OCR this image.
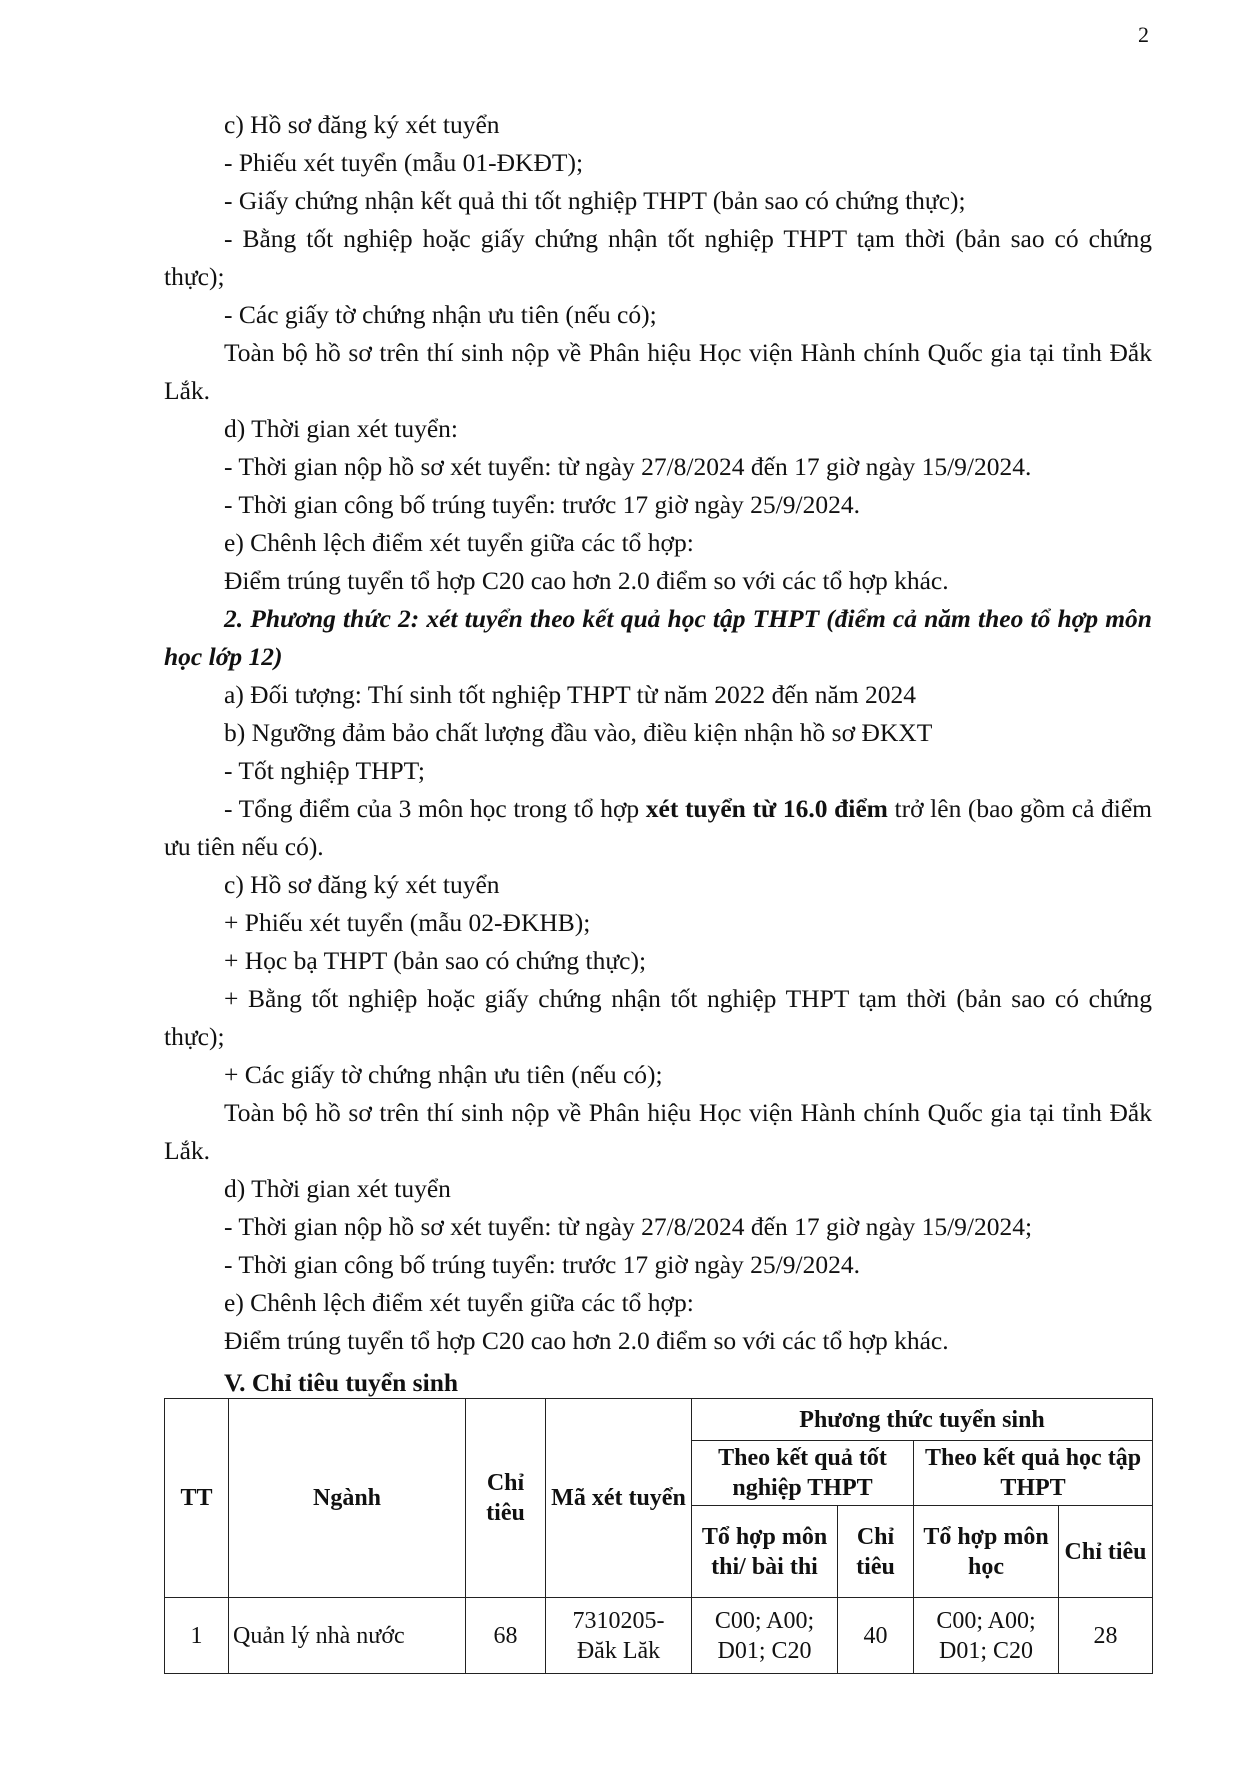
2

c) Hồ sơ đăng ký xét tuyển

- Phiếu xét tuyển (mẫu 01-ĐKĐT);

- Giấy chứng nhận kết quả thi tốt nghiệp THPT (bản sao có chứng thực);

- Bằng tốt nghiệp hoặc giấy chứng nhận tốt nghiệp THPT tạm thời (bản sao có chứng thực);

- Các giấy tờ chứng nhận ưu tiên (nếu có);

Toàn bộ hồ sơ trên thí sinh nộp về Phân hiệu Học viện Hành chính Quốc gia tại tỉnh Đắk Lắk.

d) Thời gian xét tuyển:

- Thời gian nộp hồ sơ xét tuyển: từ ngày 27/8/2024 đến 17 giờ ngày 15/9/2024.

- Thời gian công bố trúng tuyển: trước 17 giờ ngày 25/9/2024.

e) Chênh lệch điểm xét tuyển giữa các tổ hợp:

Điểm trúng tuyển tổ hợp C20 cao hơn 2.0 điểm so với các tổ hợp khác.

2. Phương thức 2: xét tuyển theo kết quả học tập THPT (điểm cả năm theo tổ hợp môn học lớp 12)

a) Đối tượng: Thí sinh tốt nghiệp THPT từ năm 2022 đến năm 2024

b) Ngưỡng đảm bảo chất lượng đầu vào, điều kiện nhận hồ sơ ĐKXT

- Tốt nghiệp THPT;

- Tổng điểm của 3 môn học trong tổ hợp xét tuyển từ 16.0 điểm trở lên (bao gồm cả điểm ưu tiên nếu có).

c) Hồ sơ đăng ký xét tuyển

+ Phiếu xét tuyển (mẫu 02-ĐKHB);

+ Học bạ THPT (bản sao có chứng thực);

+ Bằng tốt nghiệp hoặc giấy chứng nhận tốt nghiệp THPT tạm thời (bản sao có chứng thực);

+ Các giấy tờ chứng nhận ưu tiên (nếu có);

Toàn bộ hồ sơ trên thí sinh nộp về Phân hiệu Học viện Hành chính Quốc gia tại tỉnh Đắk Lắk.

d) Thời gian xét tuyển

- Thời gian nộp hồ sơ xét tuyển: từ ngày 27/8/2024 đến 17 giờ ngày 15/9/2024;

- Thời gian công bố trúng tuyển: trước 17 giờ ngày 25/9/2024.

e) Chênh lệch điểm xét tuyển giữa các tổ hợp:

Điểm trúng tuyển tổ hợp C20 cao hơn 2.0 điểm so với các tổ hợp khác.

V. Chỉ tiêu tuyển sinh
TT	Ngành	Chỉ tiêu	Mã xét tuyển	Phương thức tuyển sinh			
				Theo kết quả tốt nghiệp THPT		Theo kết quả học tập THPT	
				Tổ hợp môn thi/ bài thi	Chỉ tiêu	Tổ hợp môn học	Chỉ tiêu
1	Quản lý nhà nước	68	7310205- Đăk Lăk	C00; A00; D01; C20	40	C00; A00; D01; C20	28
